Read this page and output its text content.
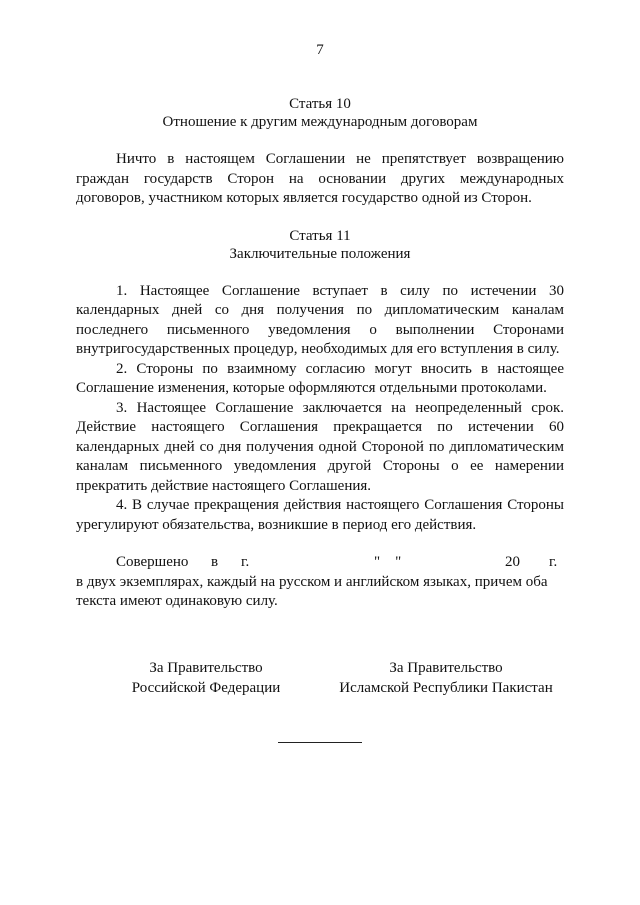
7
Статья 10
Отношение к другим международным договорам

Ничто в настоящем Соглашении не препятствует возвращению граждан государств Сторон на основании других международных договоров, участником которых является государство одной из Сторон.

Статья 11
Заключительные положения

1. Настоящее Соглашение вступает в силу по истечении 30 календарных дней со дня получения по дипломатическим каналам последнего письменного уведомления о выполнении Сторонами внутригосударственных процедур, необходимых для его вступления в силу.

2. Стороны по взаимному согласию могут вносить в настоящее Соглашение изменения, которые оформляются отдельными протоколами.

3. Настоящее Соглашение заключается на неопределенный срок. Действие настоящего Соглашения прекращается по истечении 60 календарных дней со дня получения одной Стороной по дипломатическим каналам письменного уведомления другой Стороны о ее намерении прекратить действие настоящего Соглашения.

4. В случае прекращения действия настоящего Соглашения Стороны урегулируют обязательства, возникшие в период его действия.

Совершено в г.	"    "	20 г.

в двух экземплярах, каждый на русском и английском языках, причем оба текста имеют одинаковую силу.

За Правительство
Российской Федерации
За Правительство
Исламской Республики Пакистан
